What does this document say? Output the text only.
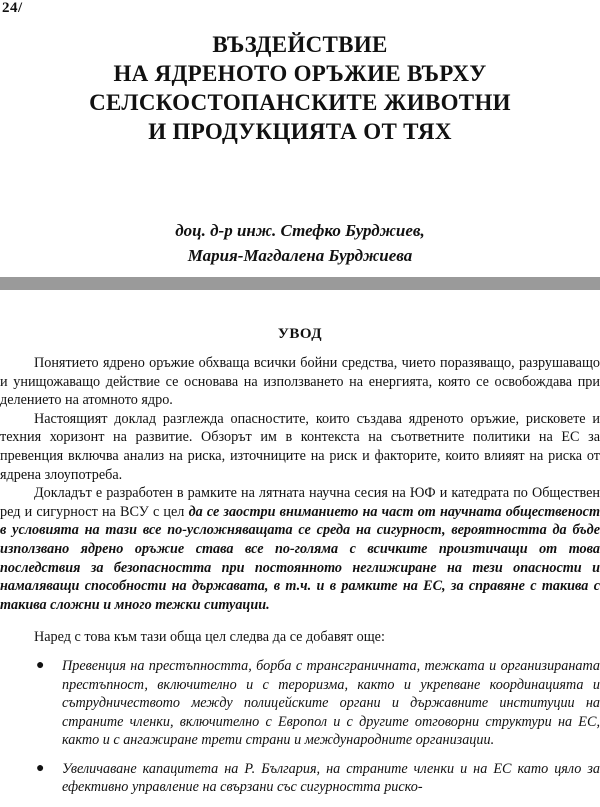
24/
ВЪЗДЕЙСТВИЕ
НА ЯДРЕНОТО ОРЪЖИЕ ВЪРХУ
СЕЛСКОСТОПАНСКИТЕ ЖИВОТНИ
И ПРОДУКЦИЯТА ОТ ТЯХ
доц. д-р инж. Стефко Бурджиев,
Мария-Магдалена Бурджиева
УВОД

Понятието ядрено оръжие обхваща всички бойни средства, чието поразяващо, разрушаващо и унищожаващо действие се основава на използването на енергията, която се освобождава при делението на атомното ядро.

Настоящият доклад разглежда опасностите, които създава ядреното оръжие, рисковете и техния хоризонт на развитие. Обзорът им в контекста на съответните политики на ЕС за превенция включва анализ на риска, източниците на риск и факторите, които влияят на риска от ядрена злоупотреба.

Докладът е разработен в рамките на лятната научна сесия на ЮФ и катедрата по Обществен ред и сигурност на ВСУ с цел да се заостри вниманието на част от научната общественост в условията на тази все по-усложняващата се среда на сигурност, вероятността да бъде използвано ядрено оръжие става все по-голяма с всичките произтичащи от това последствия за безопасността при постоянното неглижиране на тези опасности и намаляващи способности на държавата, в т.ч. и в рамките на ЕС, за справяне с такива с такива сложни и много тежки ситуации.

Наред с това към тази обща цел следва да се добавят още:

● Превенция на престъпността, борба с трансграничната, тежката и организираната престъпност, включително и с тероризма, както и укрепване координацията и сътрудничеството между полицейските органи и държавните институции на страните членки, включително с Европол и с другите отговорни структури на ЕС, както и с ангажиране трети страни и международните организации.
● Увеличаване капацитета на Р. България, на страните членки и на ЕС като цяло за ефективно управление на свързани със сигурността риско-
